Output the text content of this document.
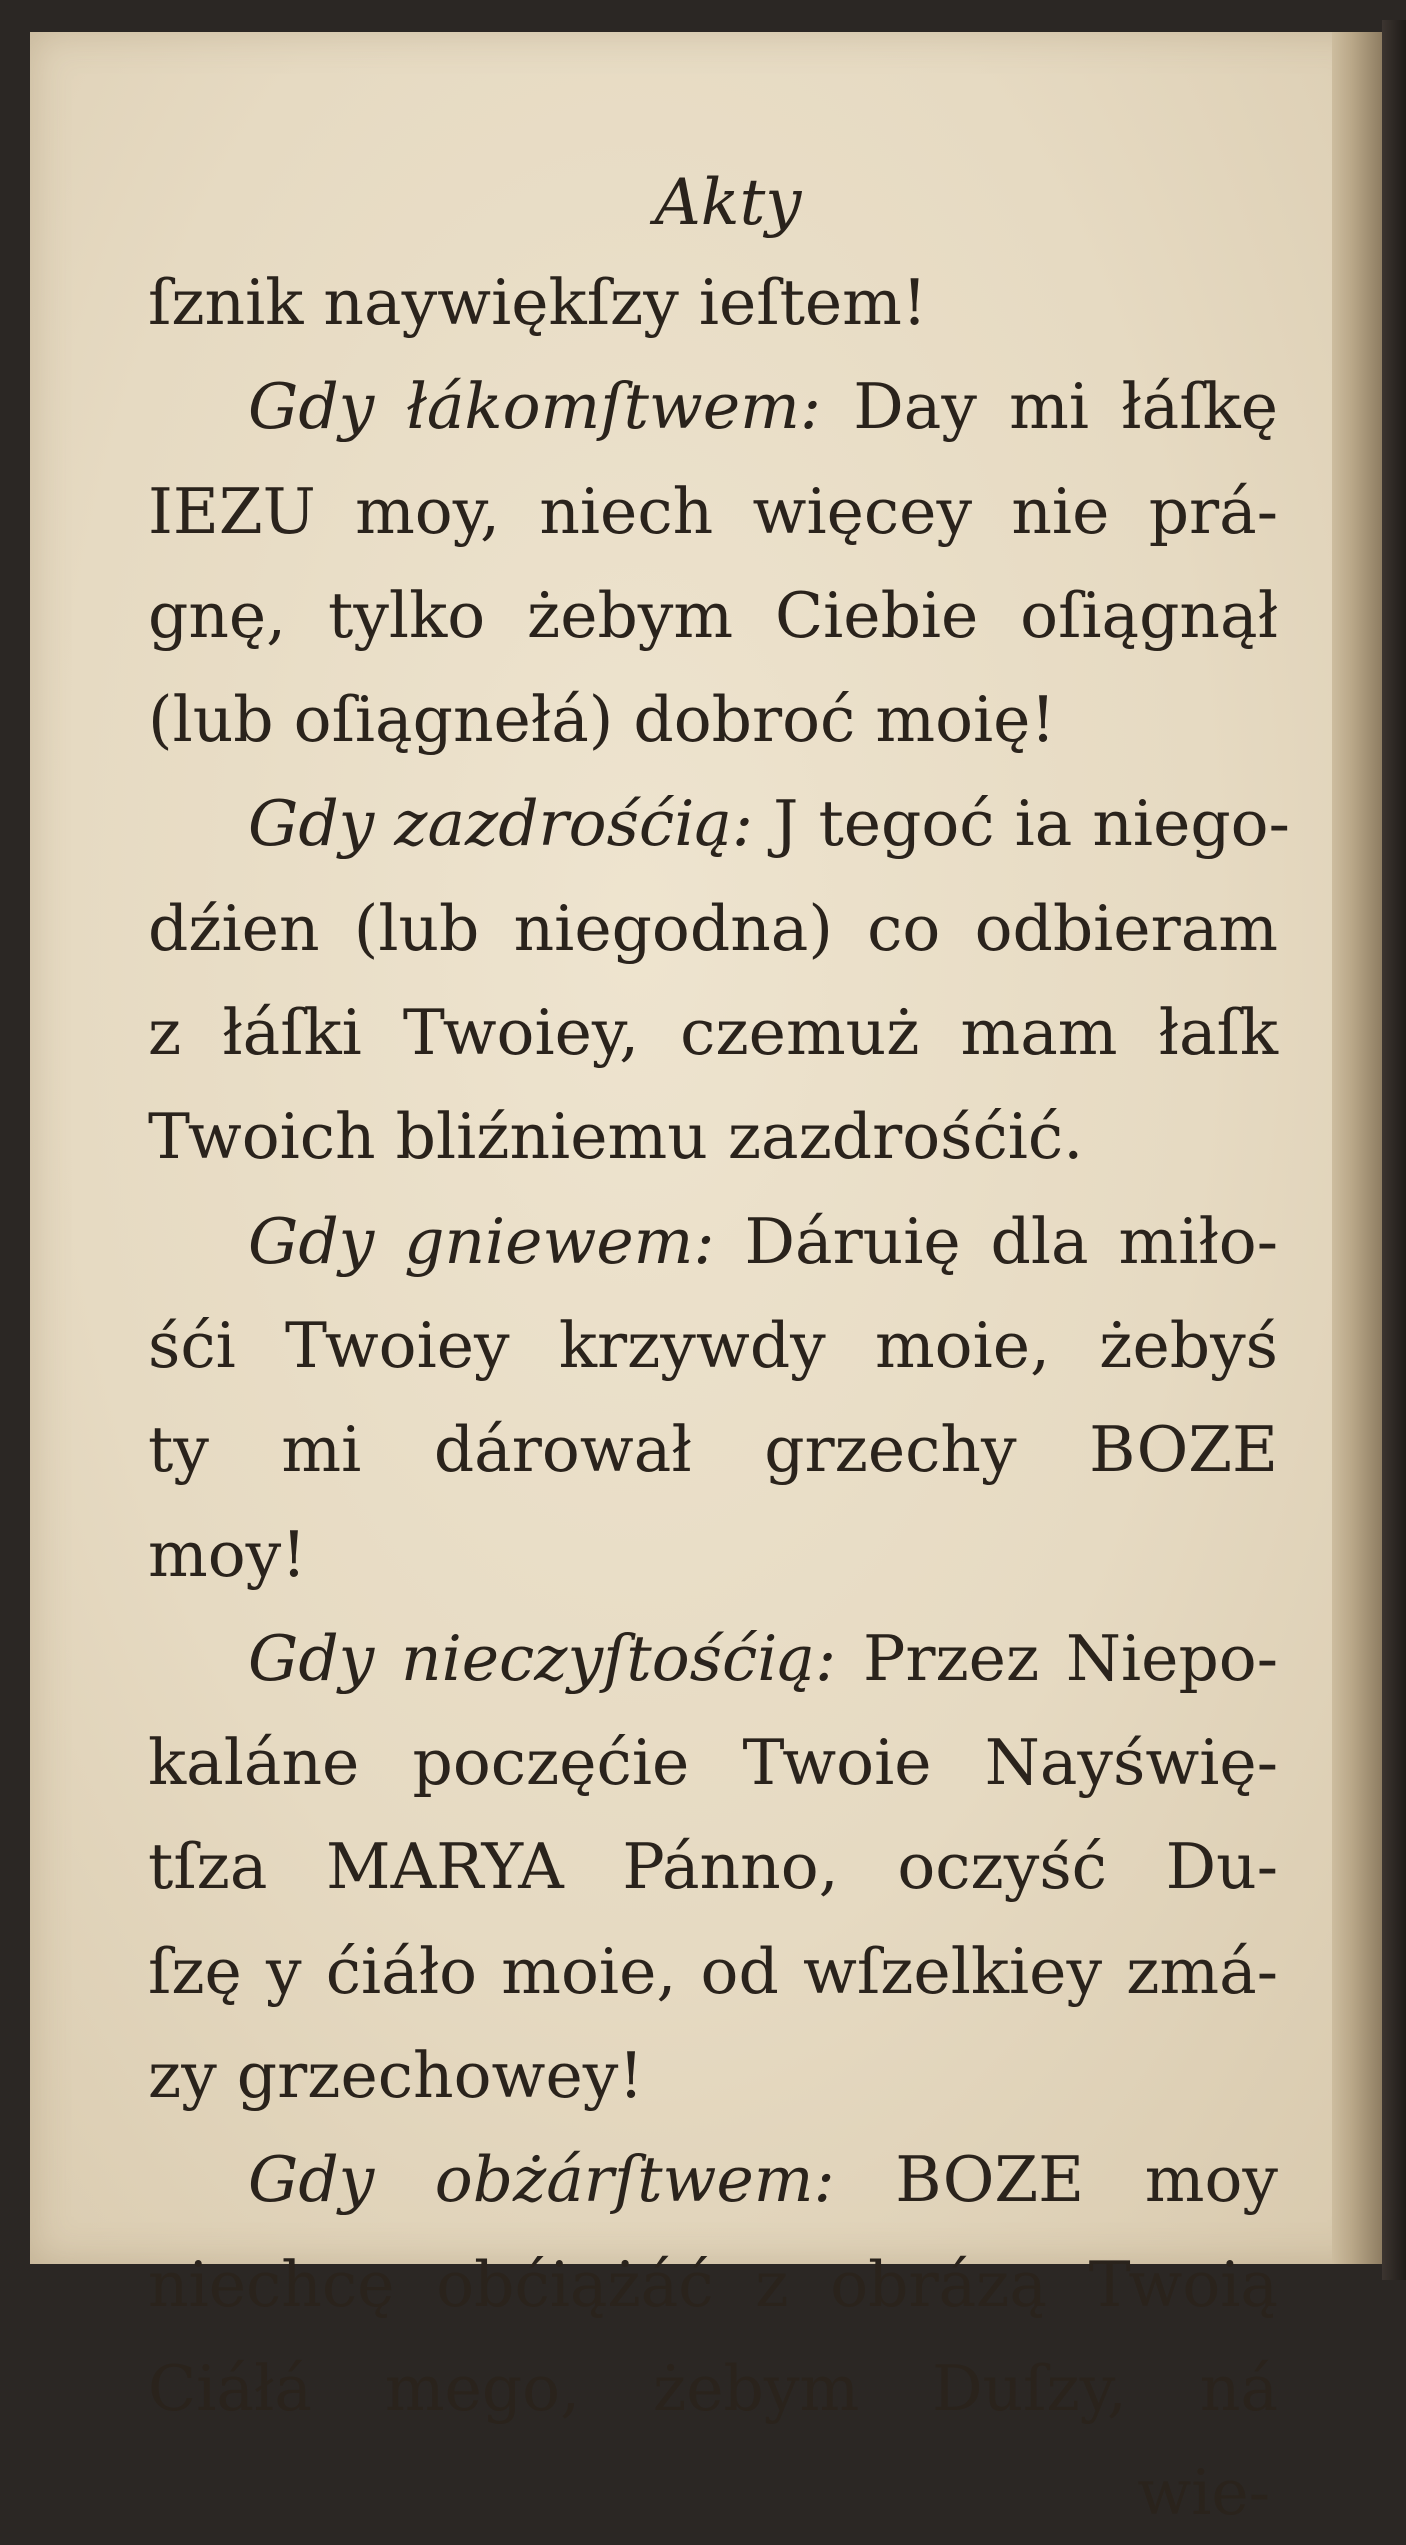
Akty
ſznik naywiękſzy ieſtem!
Gdy łákomſtwem: Day mi łáſkę
IEZU moy, niech więcey nie prá-
gnę, tylko żebym Ciebie oſiągnął
(lub oſiągnełá) dobroć moię!
Gdy zazdrośćią: J tegoć ia niego-
dźien (lub niegodna) co odbieram
z łáſki Twoiey, czemuż mam łaſk
Twoich bliźniemu zazdrośćić.
Gdy gniewem: Dáruię dla miło-
śći Twoiey krzywdy moie, żebyś
ty mi dárował grzechy BOZE
moy!
Gdy nieczyſtośćią: Przez Niepo-
kaláne poczęćie Twoie Nayświę-
tſza MARYA Pánno, oczyść Du-
ſzę y ćiáło moie, od wſzelkiey zmá-
zy grzechowey!
Gdy obżárſtwem: BOZE moy
niechcę obćiążáć z obrázą Twoią
Ciáłá mego, żebym Duſzy, ná
wie-
